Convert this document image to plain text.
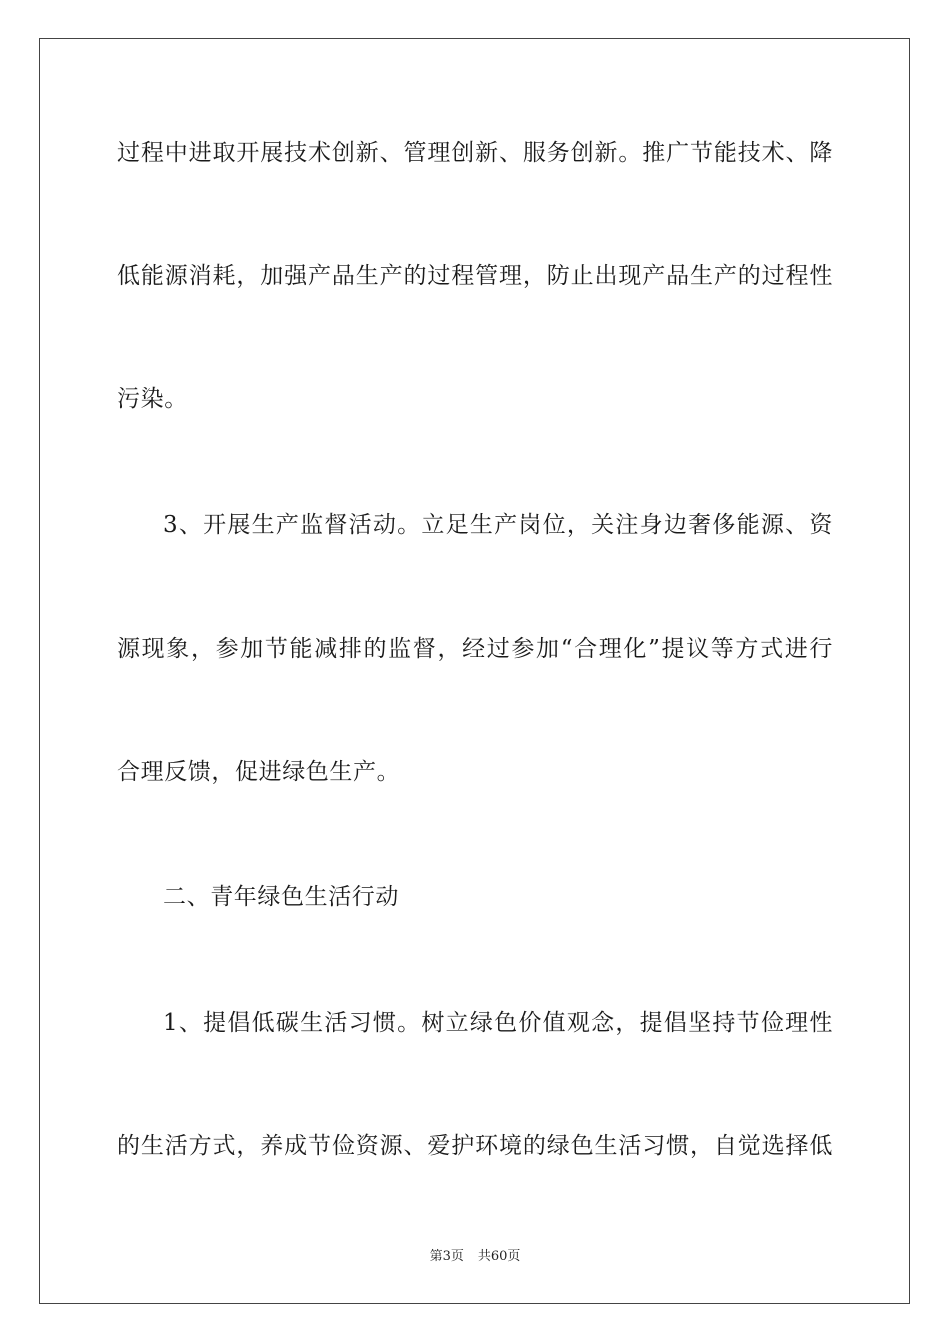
过程中进取开展技术创新、管理创新、服务创新。推广节能技术、降
低能源消耗，加强产品生产的过程管理，防止出现产品生产的过程性
污染。
3、开展生产监督活动。立足生产岗位，关注身边奢侈能源、资
源现象，参加节能减排的监督，经过参加“合理化”提议等方式进行
合理反馈，促进绿色生产。
二、青年绿色生活行动
1、提倡低碳生活习惯。树立绿色价值观念，提倡坚持节俭理性
的生活方式，养成节俭资源、爱护环境的绿色生活习惯，自觉选择低
第3页 共60页
